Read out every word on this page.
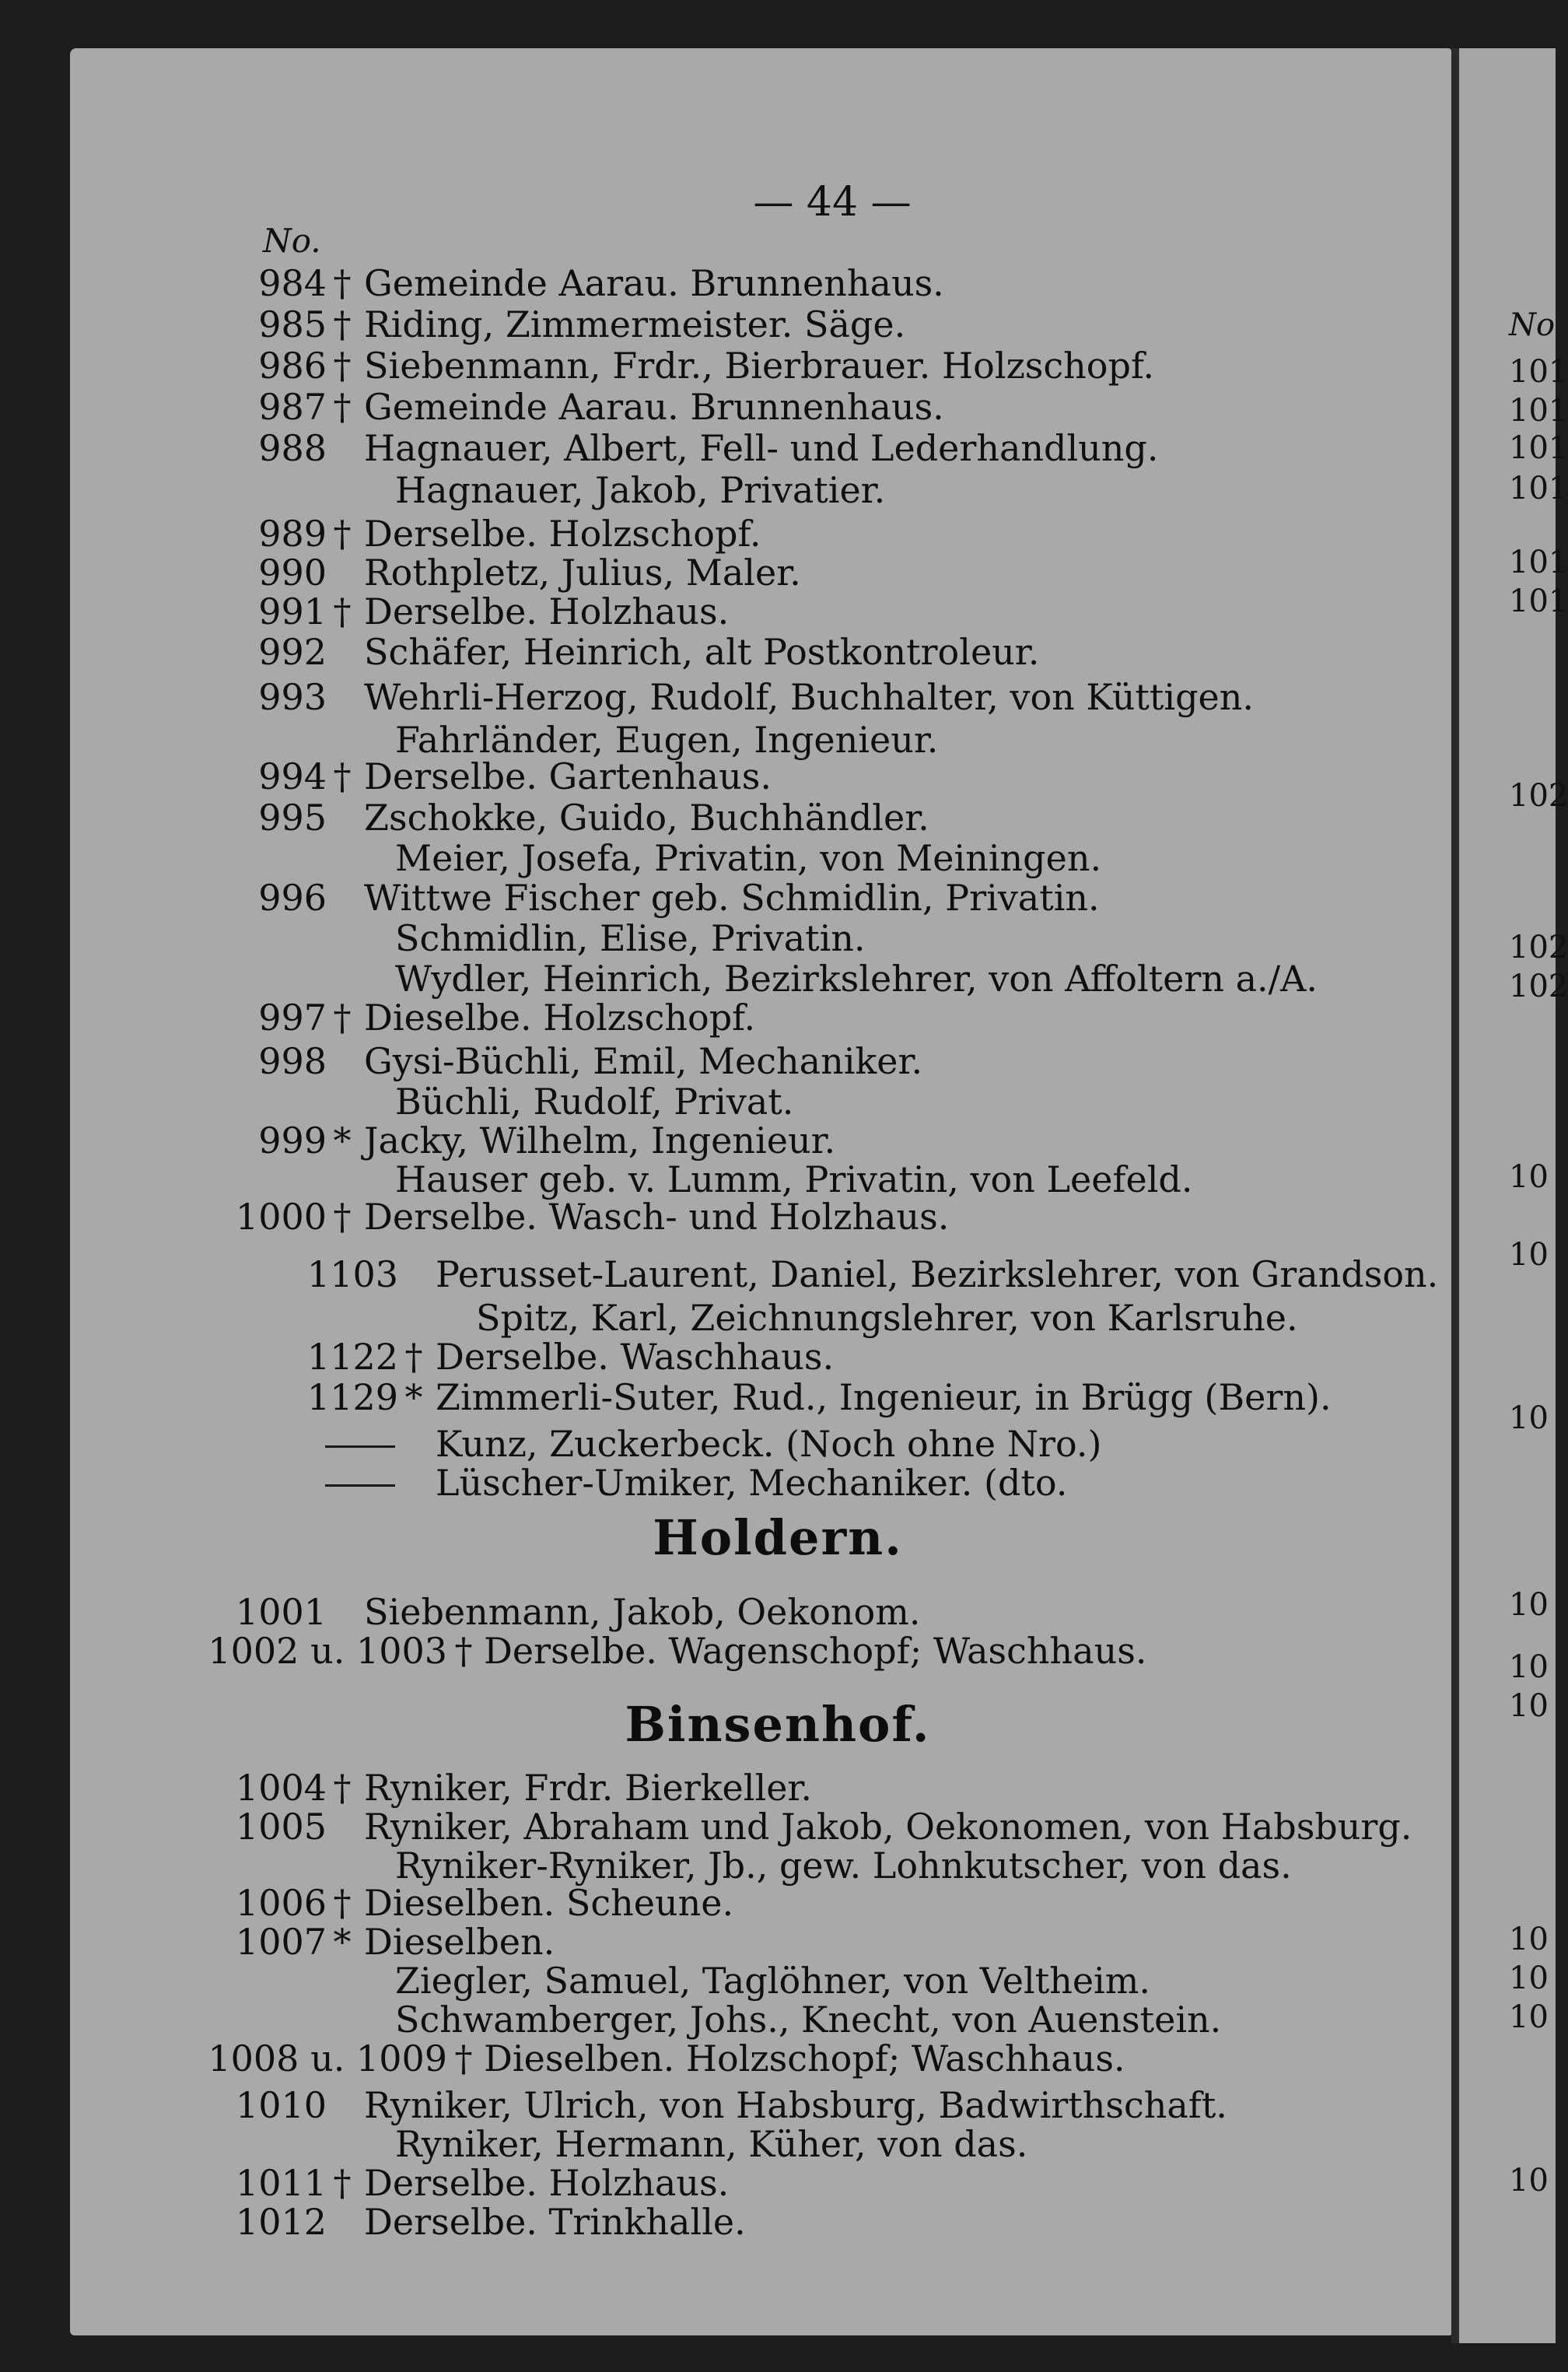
— 44 —
No.
984 † Gemeinde Aarau. Brunnenhaus.
985 † Riding, Zimmermeister. Säge.
986 † Siebenmann, Frdr., Bierbrauer. Holzschopf.
987 † Gemeinde Aarau. Brunnenhaus.
988 Hagnauer, Albert, Fell- und Lederhandlung.
Hagnauer, Jakob, Privatier.
989 † Derselbe. Holzschopf.
990 Rothpletz, Julius, Maler.
991 † Derselbe. Holzhaus.
992 Schäfer, Heinrich, alt Postkontroleur.
993 Wehrli-Herzog, Rudolf, Buchhalter, von Küttigen.
Fahrländer, Eugen, Ingenieur.
994 † Derselbe. Gartenhaus.
995 Zschokke, Guido, Buchhändler.
Meier, Josefa, Privatin, von Meiningen.
996 Wittwe Fischer geb. Schmidlin, Privatin.
Schmidlin, Elise, Privatin.
Wydler, Heinrich, Bezirkslehrer, von Affoltern a./A.
997 † Dieselbe. Holzschopf.
998 Gysi-Büchli, Emil, Mechaniker.
Büchli, Rudolf, Privat.
999 * Jacky, Wilhelm, Ingenieur.
Hauser geb. v. Lumm, Privatin, von Leefeld.
1000 † Derselbe. Wasch- und Holzhaus.
1103 Perusset-Laurent, Daniel, Bezirkslehrer, von Grandson.
Spitz, Karl, Zeichnungslehrer, von Karlsruhe.
1122 † Derselbe. Waschhaus.
1129 * Zimmerli-Suter, Rud., Ingenieur, in Brügg (Bern).
Kunz, Zuckerbeck. (Noch ohne Nro.)
Lüscher-Umiker, Mechaniker. (dto.
Holdern.
1001 Siebenmann, Jakob, Oekonom.
1002 u. 1003 † Derselbe. Wagenschopf; Waschhaus.
Binsenhof.
1004 † Ryniker, Frdr. Bierkeller.
1005 Ryniker, Abraham und Jakob, Oekonomen, von Habsburg.
Ryniker-Ryniker, Jb., gew. Lohnkutscher, von das.
1006 † Dieselben. Scheune.
1007 * Dieselben.
Ziegler, Samuel, Taglöhner, von Veltheim.
Schwamberger, Johs., Knecht, von Auenstein.
1008 u. 1009 † Dieselben. Holzschopf; Waschhaus.
1010 Ryniker, Ulrich, von Habsburg, Badwirthschaft.
Ryniker, Hermann, Küher, von das.
1011 † Derselbe. Holzhaus.
1012 Derselbe. Trinkhalle.
No
101
101
101
101
101
101
102
102
102
10
10
10
10
10
10
10
10
10
10
